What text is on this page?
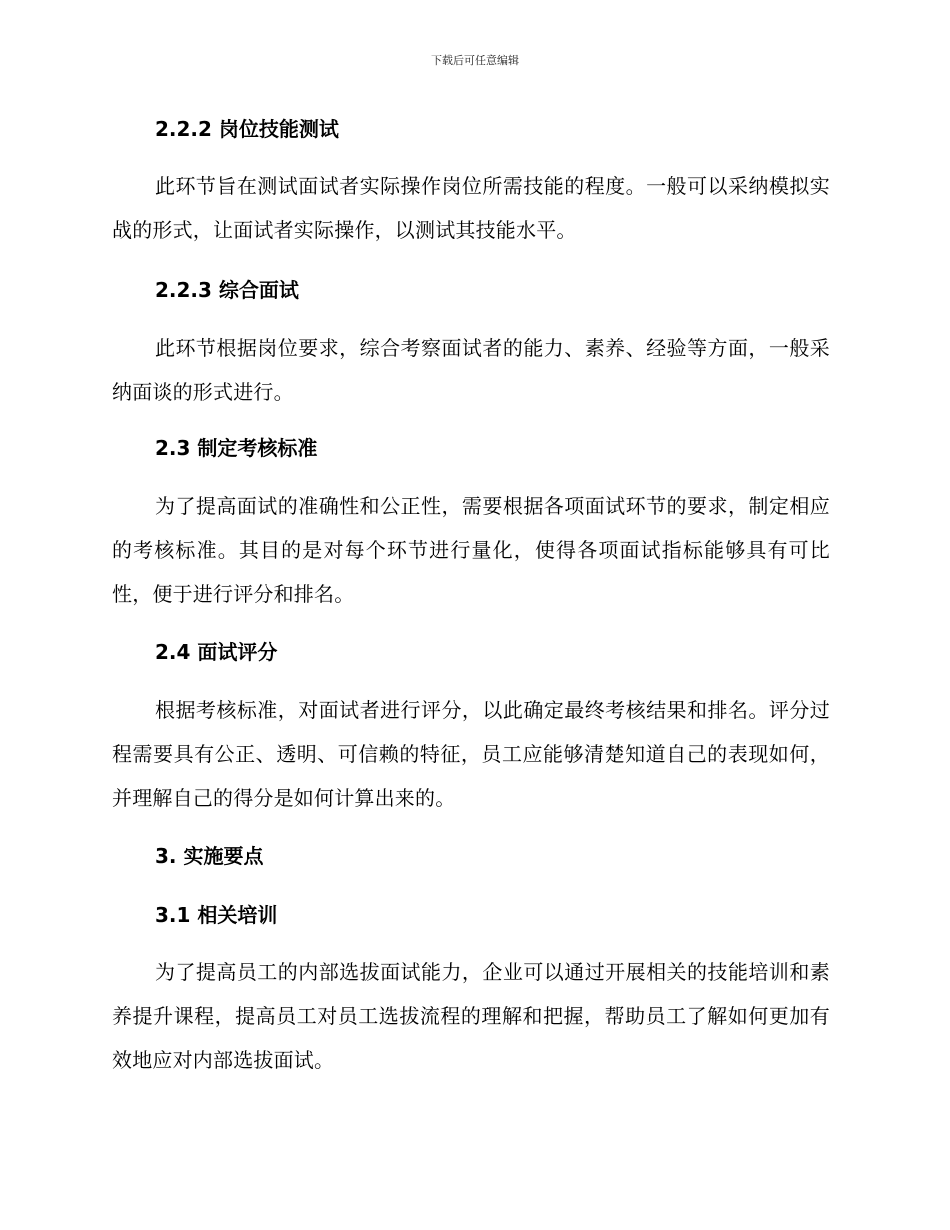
下载后可任意编辑
2.2.2 岗位技能测试
此环节旨在测试面试者实际操作岗位所需技能的程度。一般可以采纳模拟实战的形式，让面试者实际操作，以测试其技能水平。
2.2.3 综合面试
此环节根据岗位要求，综合考察面试者的能力、素养、经验等方面，一般采纳面谈的形式进行。
2.3 制定考核标准
为了提高面试的准确性和公正性，需要根据各项面试环节的要求，制定相应的考核标准。其目的是对每个环节进行量化，使得各项面试指标能够具有可比性，便于进行评分和排名。
2.4 面试评分
根据考核标准，对面试者进行评分，以此确定最终考核结果和排名。评分过程需要具有公正、透明、可信赖的特征，员工应能够清楚知道自己的表现如何，并理解自己的得分是如何计算出来的。
3. 实施要点
3.1 相关培训
为了提高员工的内部选拔面试能力，企业可以通过开展相关的技能培训和素养提升课程，提高员工对员工选拔流程的理解和把握，帮助员工了解如何更加有效地应对内部选拔面试。
